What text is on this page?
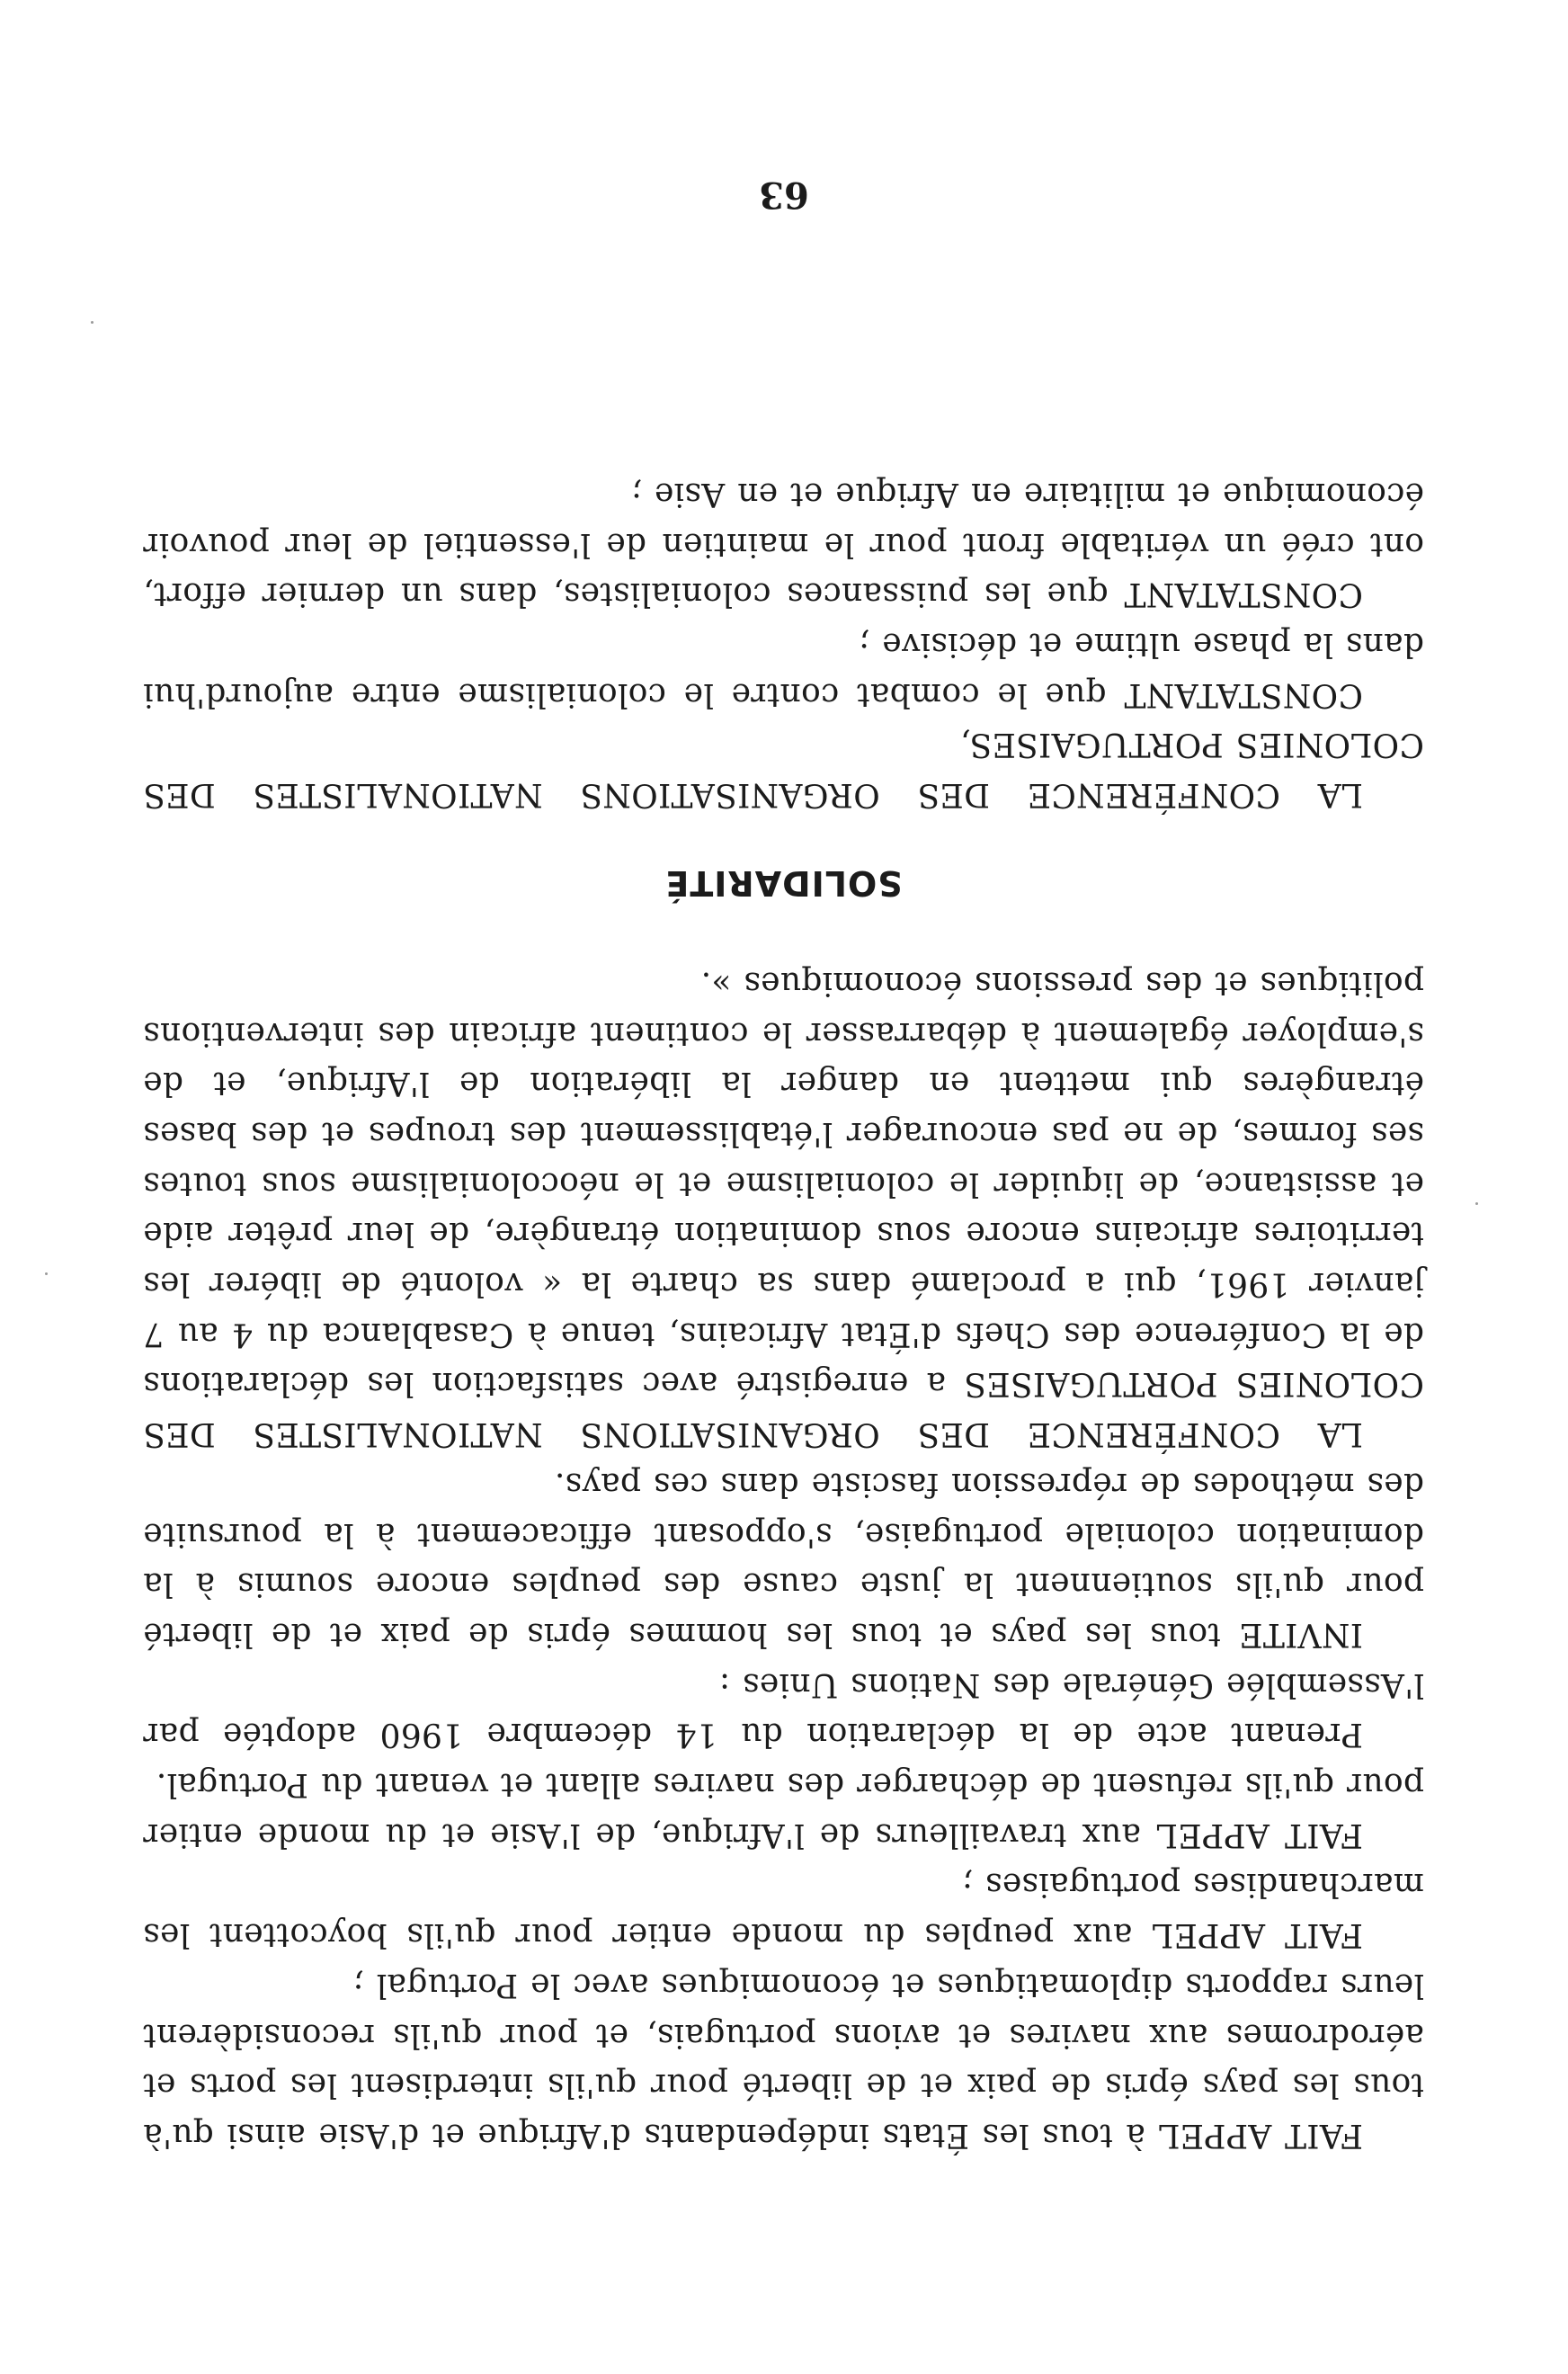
FAIT APPEL à tous les États indépendants d'Afrique et d'Asie ainsi qu'à tous les pays épris de paix et de liberté pour qu'ils interdisent les ports et aérodromes aux navires et avions portugais, et pour qu'ils reconsidèrent leurs rapports diplomatiques et économiques avec le Portugal ;

FAIT APPEL aux peuples du monde entier pour qu'ils boycottent les marchandises portugaises ;

FAIT APPEL aux travailleurs de l'Afrique, de l'Asie et du monde entier pour qu'ils refusent de décharger des navires allant et venant du Portugal.

Prenant acte de la déclaration du 14 décembre 1960 adoptée par l'Assemblée Générale des Nations Unies :

INVITE tous les pays et tous les hommes épris de paix et de liberté pour qu'ils soutiennent la juste cause des peuples encore soumis à la domination coloniale portugaise, s'opposant efficacement à la poursuite des méthodes de répression fasciste dans ces pays.

LA CONFÉRENCE DES ORGANISATIONS NATIONALISTES DES COLONIES PORTUGAISES a enregistré avec satisfaction les déclarations de la Conférence des Chefs d'État Africains, tenue à Casablanca du 4 au 7 janvier 1961, qui a proclamé dans sa charte la « volonté de libérer les territoires africains encore sous domination étrangère, de leur prêter aide et assistance, de liquider le colonialisme et le néocolonialisme sous toutes ses formes, de ne pas encourager l'établissement des troupes et des bases étrangères qui mettent en danger la libération de l'Afrique, et de s'employer également à débarrasser le continent africain des interventions politiques et des pressions économiques ».

SOLIDARITÉ

LA CONFÉRENCE DES ORGANISATIONS NATIONALISTES DES COLONIES PORTUGAISES,

CONSTATANT que le combat contre le colonialisme entre aujourd'hui dans la phase ultime et décisive ;

CONSTATANT que les puissances colonialistes, dans un dernier effort, ont créé un véritable front pour le maintien de l'essentiel de leur pouvoir économique et militaire en Afrique et en Asie ;

63
